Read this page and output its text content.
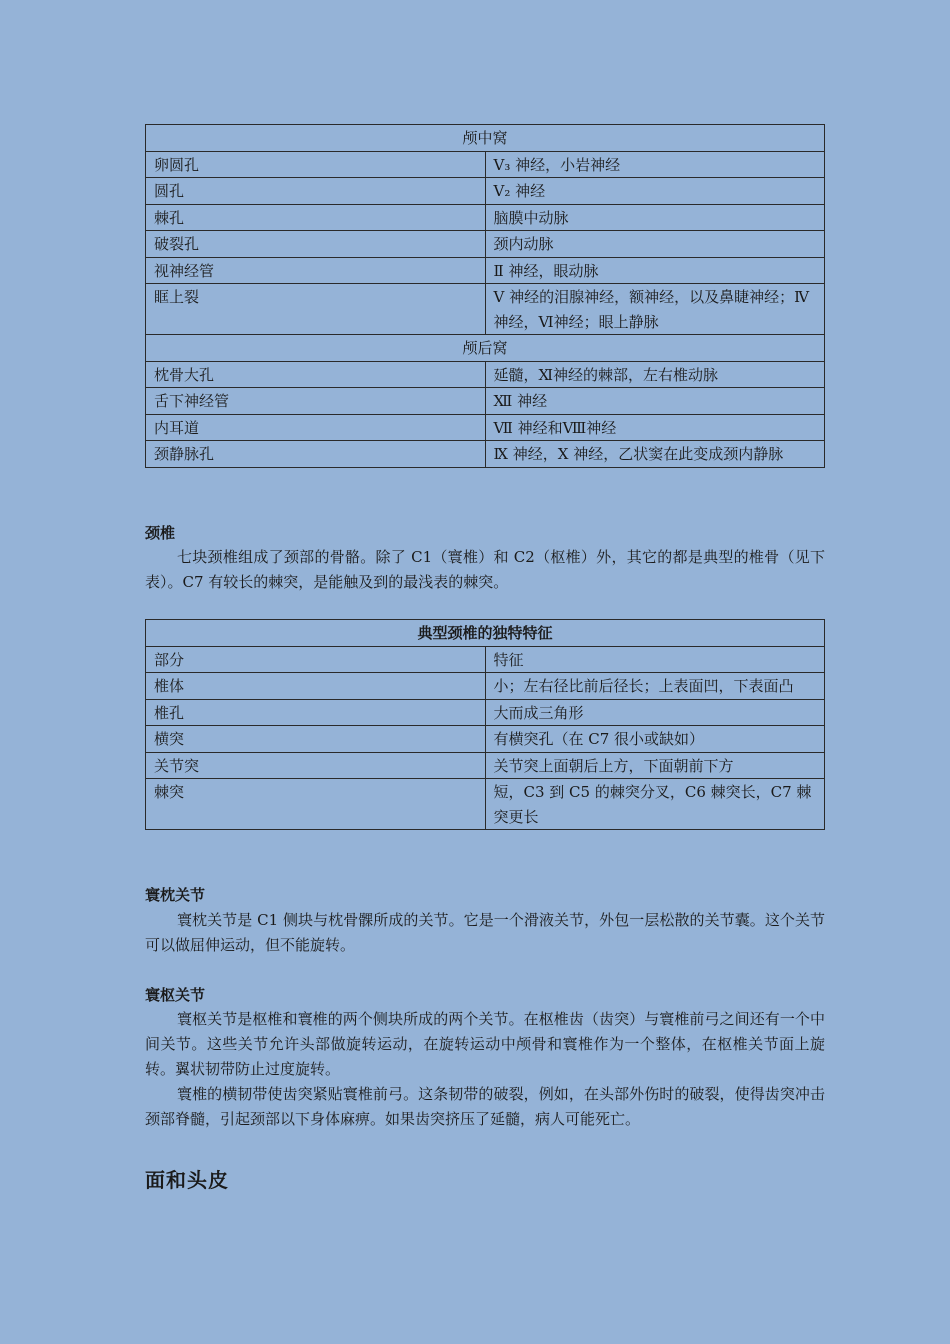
颅中窝	
卵圆孔	V₃ 神经，小岩神经
圆孔	V₂ 神经
棘孔	脑膜中动脉
破裂孔	颈内动脉
视神经管	Ⅱ 神经，眼动脉
眶上裂	Ⅴ 神经的泪腺神经，额神经，以及鼻睫神经；Ⅳ神经，Ⅵ神经；眼上静脉
颅后窝	
枕骨大孔	延髓，Ⅺ神经的棘部，左右椎动脉
舌下神经管	Ⅻ 神经
内耳道	Ⅶ 神经和Ⅷ神经
颈静脉孔	Ⅸ 神经，Ⅹ 神经，乙状窦在此变成颈内静脉

颈椎

七块颈椎组成了颈部的骨骼。除了 C1（寰椎）和 C2（枢椎）外，其它的都是典型的椎骨（见下表）。C7 有较长的棘突，是能触及到的最浅表的棘突。

典型颈椎的独特特征	
部分	特征
椎体	小；左右径比前后径长；上表面凹，下表面凸
椎孔	大而成三角形
横突	有横突孔（在 C7 很小或缺如）
关节突	关节突上面朝后上方，下面朝前下方
棘突	短，C3 到 C5 的棘突分叉，C6 棘突长，C7 棘突更长

寰枕关节

寰枕关节是 C1 侧块与枕骨髁所成的关节。它是一个滑液关节，外包一层松散的关节囊。这个关节可以做屈伸运动，但不能旋转。

寰枢关节

寰枢关节是枢椎和寰椎的两个侧块所成的两个关节。在枢椎齿（齿突）与寰椎前弓之间还有一个中间关节。这些关节允许头部做旋转运动，在旋转运动中颅骨和寰椎作为一个整体，在枢椎关节面上旋转。翼状韧带防止过度旋转。

寰椎的横韧带使齿突紧贴寰椎前弓。这条韧带的破裂，例如，在头部外伤时的破裂，使得齿突冲击颈部脊髓，引起颈部以下身体麻痹。如果齿突挤压了延髓，病人可能死亡。

面和头皮
